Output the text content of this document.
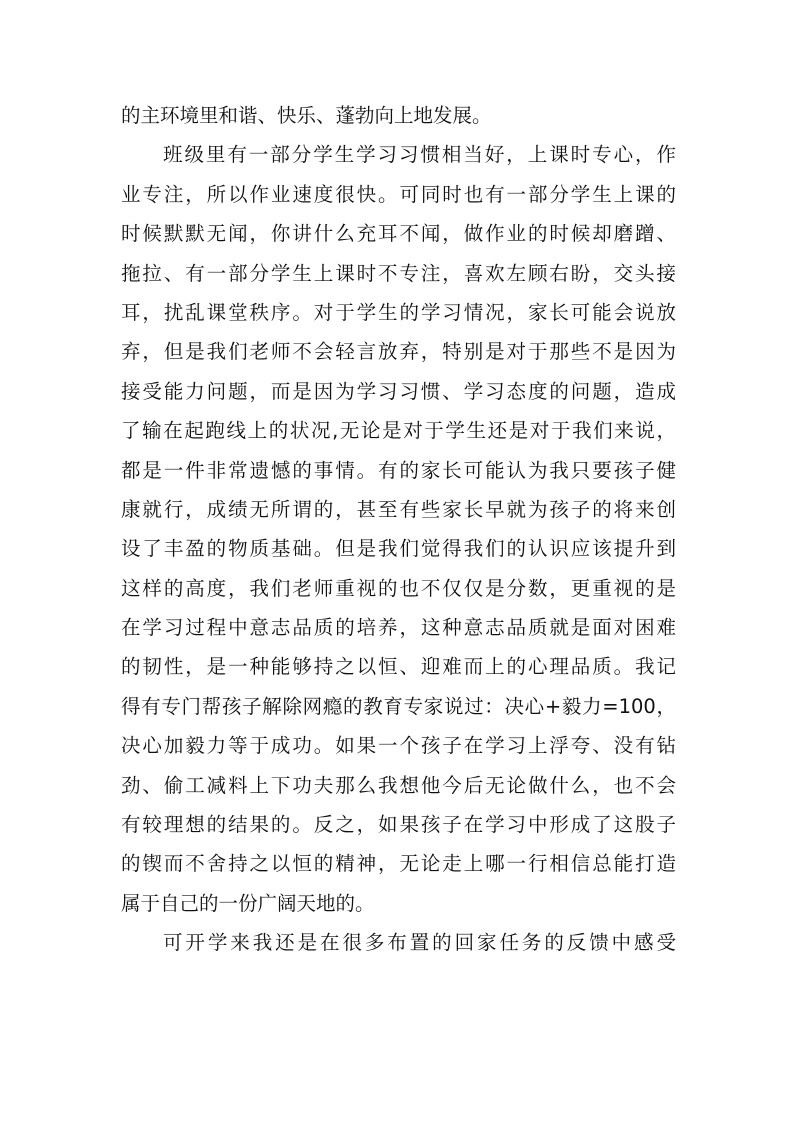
的主环境里和谐、快乐、蓬勃向上地发展。
班级里有一部分学生学习习惯相当好，上课时专心，作
业专注，所以作业速度很快。可同时也有一部分学生上课的
时候默默无闻，你讲什么充耳不闻，做作业的时候却磨蹭、
拖拉、有一部分学生上课时不专注，喜欢左顾右盼，交头接
耳，扰乱课堂秩序。对于学生的学习情况，家长可能会说放
弃，但是我们老师不会轻言放弃，特别是对于那些不是因为
接受能力问题，而是因为学习习惯、学习态度的问题，造成
了输在起跑线上的状况,无论是对于学生还是对于我们来说，
都是一件非常遗憾的事情。有的家长可能认为我只要孩子健
康就行，成绩无所谓的，甚至有些家长早就为孩子的将来创
设了丰盈的物质基础。但是我们觉得我们的认识应该提升到
这样的高度，我们老师重视的也不仅仅是分数，更重视的是
在学习过程中意志品质的培养，这种意志品质就是面对困难
的韧性，是一种能够持之以恒、迎难而上的心理品质。我记
得有专门帮孩子解除网瘾的教育专家说过：决心+毅力=100，
决心加毅力等于成功。如果一个孩子在学习上浮夸、没有钻
劲、偷工减料上下功夫那么我想他今后无论做什么，也不会
有较理想的结果的。反之，如果孩子在学习中形成了这股子
的锲而不舍持之以恒的精神，无论走上哪一行相信总能打造
属于自己的一份广阔天地的。
可开学来我还是在很多布置的回家任务的反馈中感受
